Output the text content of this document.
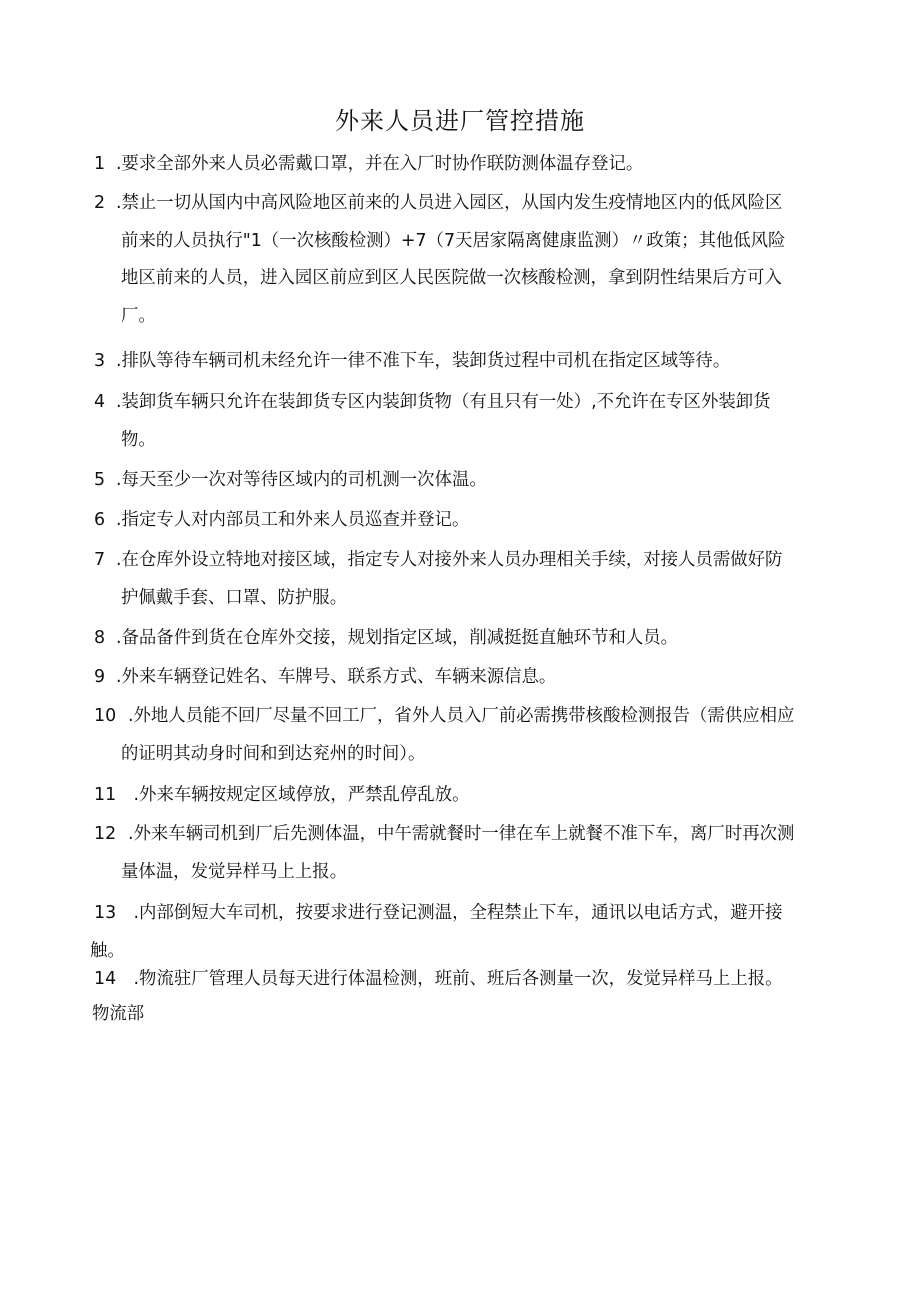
外来人员进厂管控措施
1 .要求全部外来人员必需戴口罩，并在入厂时协作联防测体温存登记。
2 .禁止一切从国内中高风险地区前来的人员进入园区，从国内发生疫情地区内的低风险区
前来的人员执行"1（一次核酸检测）+7（7天居家隔离健康监测）〃政策；其他低风险
地区前来的人员，进入园区前应到区人民医院做一次核酸检测，拿到阴性结果后方可入
厂。
3 .排队等待车辆司机未经允许一律不准下车，装卸货过程中司机在指定区域等待。
4 .装卸货车辆只允许在装卸货专区内装卸货物（有且只有一处）,不允许在专区外装卸货
物。
5 .每天至少一次对等待区域内的司机测一次体温。
6 .指定专人对内部员工和外来人员巡查并登记。
7 .在仓库外设立特地对接区域，指定专人对接外来人员办理相关手续，对接人员需做好防
护佩戴手套、口罩、防护服。
8 .备品备件到货在仓库外交接，规划指定区域，削减挺挺直触环节和人员。
9 .外来车辆登记姓名、车牌号、联系方式、车辆来源信息。
10 .外地人员能不回厂尽量不回工厂，省外人员入厂前必需携带核酸检测报告（需供应相应
的证明其动身时间和到达兖州的时间）。
11 .外来车辆按规定区域停放，严禁乱停乱放。
12 .外来车辆司机到厂后先测体温，中午需就餐时一律在车上就餐不准下车，离厂时再次测
量体温，发觉异样马上上报。
13 .内部倒短大车司机，按要求进行登记测温，全程禁止下车，通讯以电话方式，避开接
触。
14 .物流驻厂管理人员每天进行体温检测，班前、班后各测量一次，发觉异样马上上报。
物流部
